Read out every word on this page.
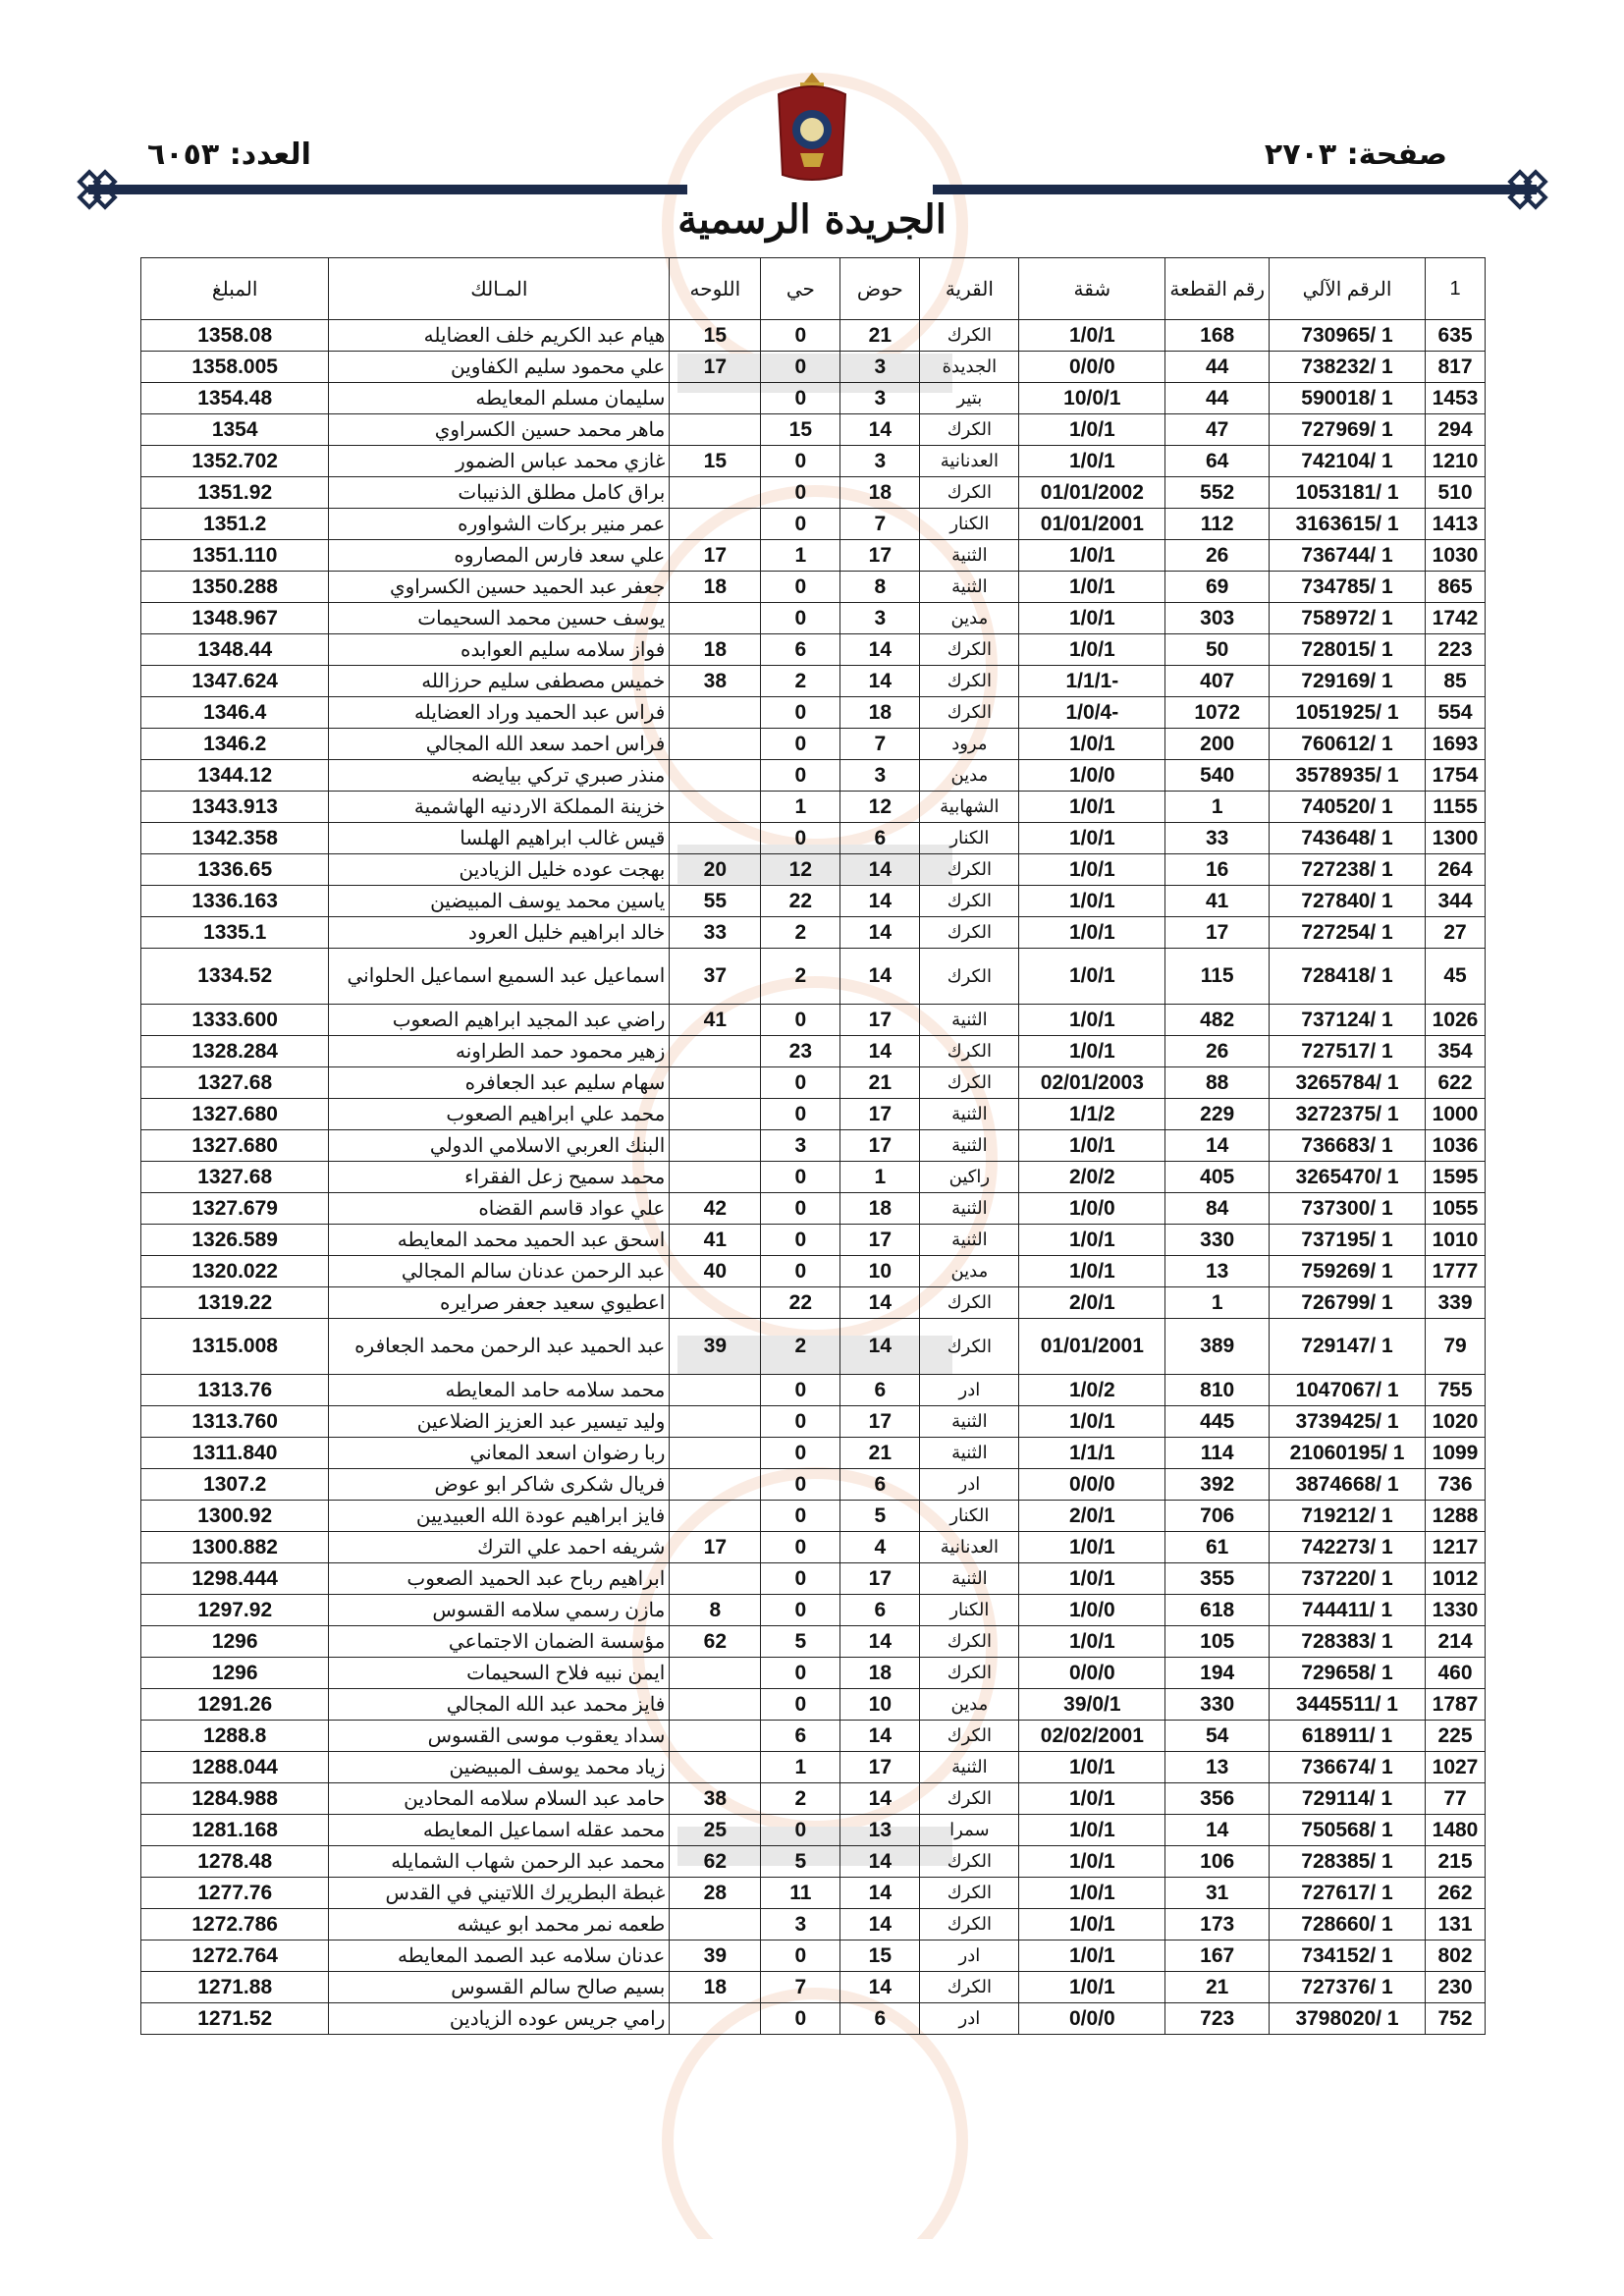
صفحة: ٢٧٠٣
العدد: ٦٠٥٣
الجريدة الرسمية
1	الرقم الآلي	رقم القطعة	شقة	القرية	حوض	حي	اللوحه	المـالك	المبلغ
635	1 /730965	168	1/0/1	الكرك	21	0	15	هيام عبد الكريم خلف العضايله	1358.08
817	1 /738232	44	0/0/0	الجديدة	3	0	17	علي محمود سليم الكفاوين	1358.005
1453	1 /590018	44	10/0/1	بتير	3	0		سليمان مسلم المعايطه	1354.48
294	1 /727969	47	1/0/1	الكرك	14	15		ماهر محمد حسين الكسراوي	1354
1210	1 /742104	64	1/0/1	العدنانية	3	0	15	غازي محمد عباس الضمور	1352.702
510	1 /1053181	552	01/01/2002	الكرك	18	0		براق كامل مطلق الذنيبات	1351.92
1413	1 /3163615	112	01/01/2001	الكنار	7	0		عمر منير بركات الشواوره	1351.2
1030	1 /736744	26	1/0/1	الثنية	17	1	17	علي سعد فارس المصاروه	1351.110
865	1 /734785	69	1/0/1	الثنية	8	0	18	جعفر عبد الحميد حسين الكسراوي	1350.288
1742	1 /758972	303	1/0/1	مدين	3	0		يوسف حسين محمد السحيمات	1348.967
223	1 /728015	50	1/0/1	الكرك	14	6	18	فواز سلامه سليم العوابده	1348.44
85	1 /729169	407	-1/1/1	الكرك	14	2	38	خميس مصطفى سليم حرزالله	1347.624
554	1 /1051925	1072	-1/0/4	الكرك	18	0		فراس عبد الحميد وراد العضايله	1346.4
1693	1 /760612	200	1/0/1	مرود	7	0		فراس احمد سعد الله المجالي	1346.2
1754	1 /3578935	540	1/0/0	مدين	3	0		منذر صبري تركي بيايضه	1344.12
1155	1 /740520	1	1/0/1	الشهابية	12	1		خزينة المملكة الاردنيه الهاشمية	1343.913
1300	1 /743648	33	1/0/1	الكنار	6	0		قيس غالب ابراهيم الهلسا	1342.358
264	1 /727238	16	1/0/1	الكرك	14	12	20	بهجت عوده خليل الزيادين	1336.65
344	1 /727840	41	1/0/1	الكرك	14	22	55	ياسين محمد يوسف المبيضين	1336.163
27	1 /727254	17	1/0/1	الكرك	14	2	33	خالد ابراهيم خليل العرود	1335.1
45	1 /728418	115	1/0/1	الكرك	14	2	37	اسماعيل عبد السميع اسماعيل الحلواني	1334.52
1026	1 /737124	482	1/0/1	الثنية	17	0	41	راضي عبد المجيد ابراهيم الصعوب	1333.600
354	1 /727517	26	1/0/1	الكرك	14	23		زهير محمود حمد الطراونه	1328.284
622	1 /3265784	88	02/01/2003	الكرك	21	0		سهام سليم عبد الجعافره	1327.68
1000	1 /3272375	229	1/1/2	الثنية	17	0		محمد علي ابراهيم الصعوب	1327.680
1036	1 /736683	14	1/0/1	الثنية	17	3		البنك العربي الاسلامي الدولي	1327.680
1595	1 /3265470	405	2/0/2	راكين	1	0		محمد سميح زعل الفقراء	1327.68
1055	1 /737300	84	1/0/0	الثنية	18	0	42	علي عواد قاسم القضاه	1327.679
1010	1 /737195	330	1/0/1	الثنية	17	0	41	اسحق عبد الحميد محمد المعايطه	1326.589
1777	1 /759269	13	1/0/1	مدين	10	0	40	عبد الرحمن عدنان سالم المجالي	1320.022
339	1 /726799	1	2/0/1	الكرك	14	22		اعطيوي سعيد جعفر صرايره	1319.22
79	1 /729147	389	01/01/2001	الكرك	14	2	39	عبد الحميد عبد الرحمن محمد الجعافره	1315.008
755	1 /1047067	810	1/0/2	ادر	6	0		محمد سلامه حامد المعايطه	1313.76
1020	1 /3739425	445	1/0/1	الثنية	17	0		وليد تيسير عبد العزيز الضلاعين	1313.760
1099	1 /21060195	114	1/1/1	الثنية	21	0		ربا رضوان اسعد المعاني	1311.840
736	1 /3874668	392	0/0/0	ادر	6	0		فريال شكرى شاكر ابو عوض	1307.2
1288	1 /719212	706	2/0/1	الكنار	5	0		فايز ابراهيم عودة الله العبيديين	1300.92
1217	1 /742273	61	1/0/1	العدنانية	4	0	17	شريفه احمد علي الترك	1300.882
1012	1 /737220	355	1/0/1	الثنية	17	0		ابراهيم رباح عبد الحميد الصعوب	1298.444
1330	1 /744411	618	1/0/0	الكنار	6	0	8	مازن رسمي سلامه القسوس	1297.92
214	1 /728383	105	1/0/1	الكرك	14	5	62	مؤسسة الضمان الاجتماعي	1296
460	1 /729658	194	0/0/0	الكرك	18	0		ايمن نبيه فلاح السحيمات	1296
1787	1 /3445511	330	39/0/1	مدين	10	0		فايز محمد عبد الله المجالي	1291.26
225	1 /618911	54	02/02/2001	الكرك	14	6		سداد يعقوب موسى القسوس	1288.8
1027	1 /736674	13	1/0/1	الثنية	17	1		زياد محمد يوسف المبيضين	1288.044
77	1 /729114	356	1/0/1	الكرك	14	2	38	حامد عبد السلام سلامه المحادين	1284.988
1480	1 /750568	14	1/0/1	سمرا	13	0	25	محمد عقله اسماعيل المعايطه	1281.168
215	1 /728385	106	1/0/1	الكرك	14	5	62	محمد عبد الرحمن شهاب الشمايله	1278.48
262	1 /727617	31	1/0/1	الكرك	14	11	28	غبطة البطريرك اللاتيني في القدس	1277.76
131	1 /728660	173	1/0/1	الكرك	14	3		طعمه نمر محمد ابو عيشه	1272.786
802	1 /734152	167	1/0/1	ادر	15	0	39	عدنان سلامه عبد الصمد المعايطه	1272.764
230	1 /727376	21	1/0/1	الكرك	14	7	18	بسيم صالح سالم القسوس	1271.88
752	1 /3798020	723	0/0/0	ادر	6	0		رامي جريس عوده الزيادين	1271.52
